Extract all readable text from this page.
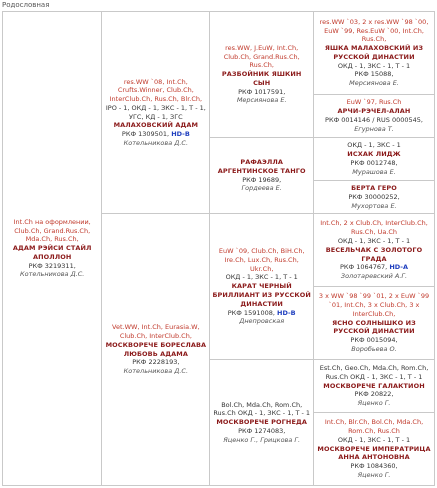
Родословная
Int.Ch на оформлении, Club.Ch, Grand.Rus.Ch, Mda.Ch, Rus.Ch,
АДАМ РЭЙСИ СТАЙЛ АПОЛЛОН
РКФ 3219311,
Котельникова Д.С.	res.WW `08, Int.Ch, Crufts.Winner, Club.Ch, InterClub.Ch, Rus.Ch, Blr.Ch,
IPO - 1, ОКД - 1, ЗКС - 1, Т - 1, УГС, КД - 1, ЗГС
МАЛАХОВСКИЙ АДАМ
РКФ 1309501, HD-B
Котельникова Д.С.	res.WW, J.EuW, Int.Ch, Club.Ch, Grand.Rus.Ch, Rus.Ch,
РАЗБОЙНИК ЯШКИН СЫН
РКФ 1017591,
Мерсиянова Е.	res.WW `03, 2 x res.WW `98 `00, EuW `99, Res.EuW `00, Int.Ch, Rus.Ch,
ЯШКА МАЛАХОВСКИЙ ИЗ РУССКОЙ ДИНАСТИИ
ОКД - 1, ЗКС - 1, Т - 1
РКФ 15088,
Мерсиянова Е.

			EuW `97, Rus.Ch
АРЧИ-РЭЧЕЛ-АЛАН
РКФ 0014146 / RUS 0000545,
Егурнова Т.

		РАФАЭЛЛА АРГЕНТИНСКОЕ ТАНГО
РКФ 19689,
Гордеева Е.	ОКД - 1, ЗКС - 1
ИСХАК ЛИДЖ
РКФ 0012748,
Мурашова Е.

			БЕРТА ГЕРО
РКФ 30000252,
Мухортова Е.

	Vet.WW, Int.Ch, Eurasia.W, Club.Ch, InterClub.Ch,
МОСКВОРЕЧЕ БОРЕСЛАВА ЛЮБОВЬ АДАМА
РКФ 2228193,
Котельникова Д.С.	EuW `09, Club.Ch, BiH.Ch, Ire.Ch, Lux.Ch, Rus.Ch, Ukr.Ch,
ОКД - 1, ЗКС - 1, Т - 1
КАРАТ ЧЕРНЫЙ БРИЛЛИАНТ ИЗ РУССКОЙ ДИНАСТИИ
РКФ 1591008, HD-B
Днепровская	Int.Ch, 2 x Club.Ch, InterClub.Ch, Rus.Ch, Ua.Ch
ОКД - 1, ЗКС - 1, Т - 1
ВЕСЕЛЬЧАК С ЗОЛОТОГО ГРАДА
РКФ 1064767, HD-A
Золотаревский А.Г.

			3 x WW `98 `99 `01, 2 x EuW `99 `01, Int.Ch, 3 x Club.Ch, 3 x InterClub.Ch,
ЯСНО СОЛНЫШКО ИЗ РУССКОЙ ДИНАСТИИ
РКФ 0015094,
Воробьева О.

		Bol.Ch, Mda.Ch, Rom.Ch, Rus.Ch ОКД - 1, ЗКС - 1, Т - 1
МОСКВОРЕЧЕ РОГНЕДА
РКФ 1274083,
Яценко Г., Грицкова Г.	Est.Ch, Geo.Ch, Mda.Ch, Rom.Ch, Rus.Ch ОКД - 1, ЗКС - 1, Т - 1
МОСКВОРЕЧЕ ГАЛАКТИОН
РКФ 20822,
Яценко Г.

			Int.Ch, Blr.Ch, Bol.Ch, Mda.Ch, Rom.Ch, Rus.Ch
ОКД - 1, ЗКС - 1, Т - 1
МОСКВОРЕЧЕ ИМПЕРАТРИЦА АННА АНТОНОВНА
РКФ 1084360,
Яценко Г.
